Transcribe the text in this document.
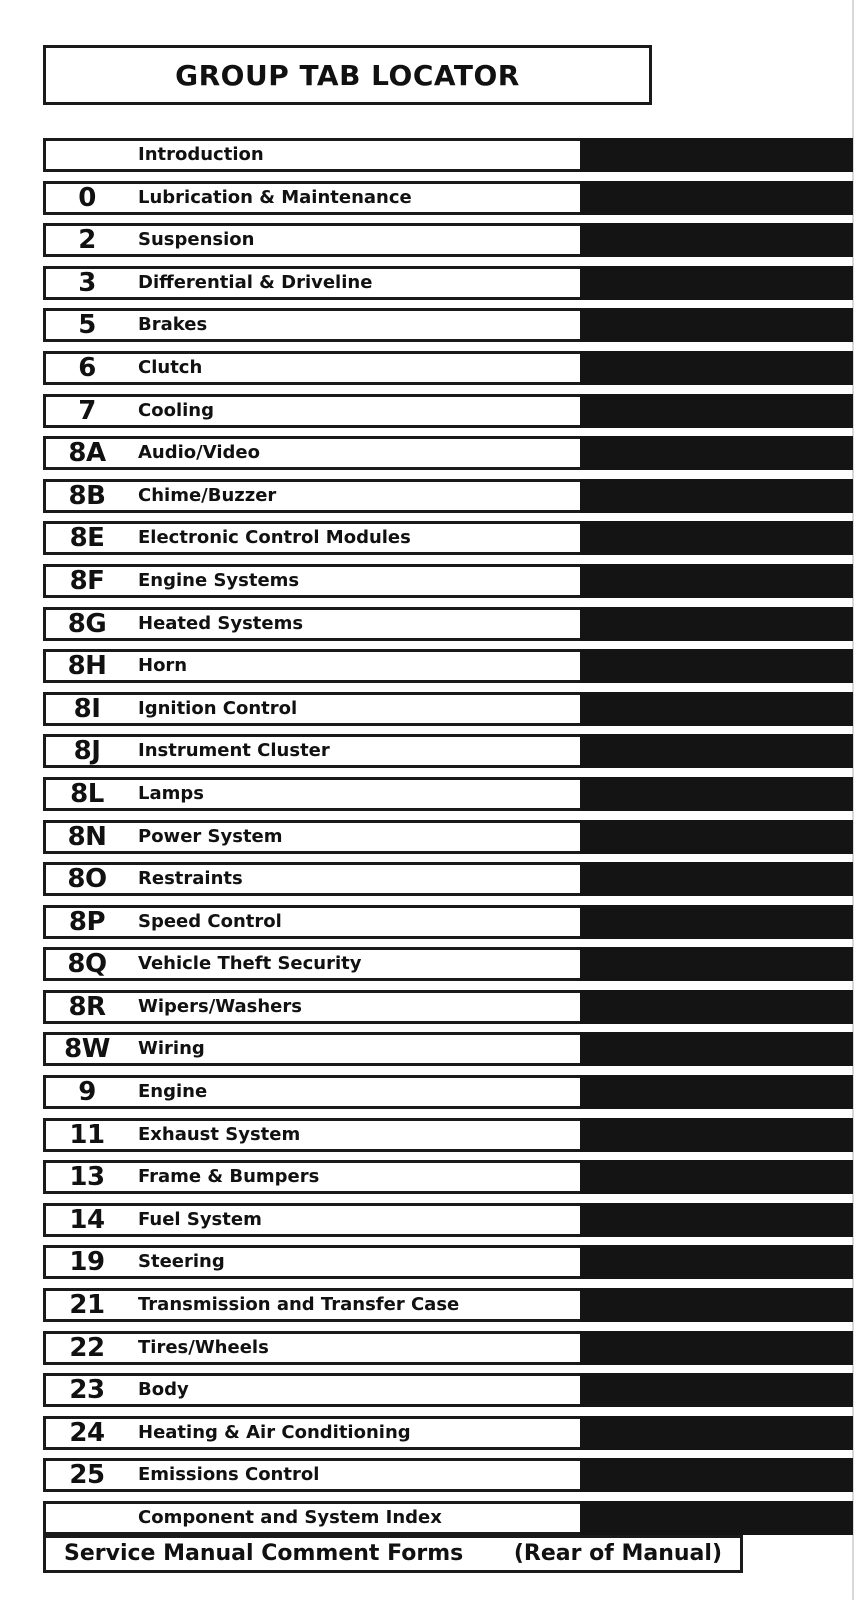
GROUP TAB LOCATOR
Introduction
0	Lubrication & Maintenance
2	Suspension
3	Differential & Driveline
5	Brakes
6	Clutch
7	Cooling
8A	Audio/Video
8B	Chime/Buzzer
8E	Electronic Control Modules
8F	Engine Systems
8G	Heated Systems
8H	Horn
8I	Ignition Control
8J	Instrument Cluster
8L	Lamps
8N	Power System
8O	Restraints
8P	Speed Control
8Q	Vehicle Theft Security
8R	Wipers/Washers
8W	Wiring
9	Engine
11	Exhaust System
13	Frame & Bumpers
14	Fuel System
19	Steering
21	Transmission and Transfer Case
22	Tires/Wheels
23	Body
24	Heating & Air Conditioning
25	Emissions Control
Component and System Index
Service Manual Comment Forms (Rear of Manual)
